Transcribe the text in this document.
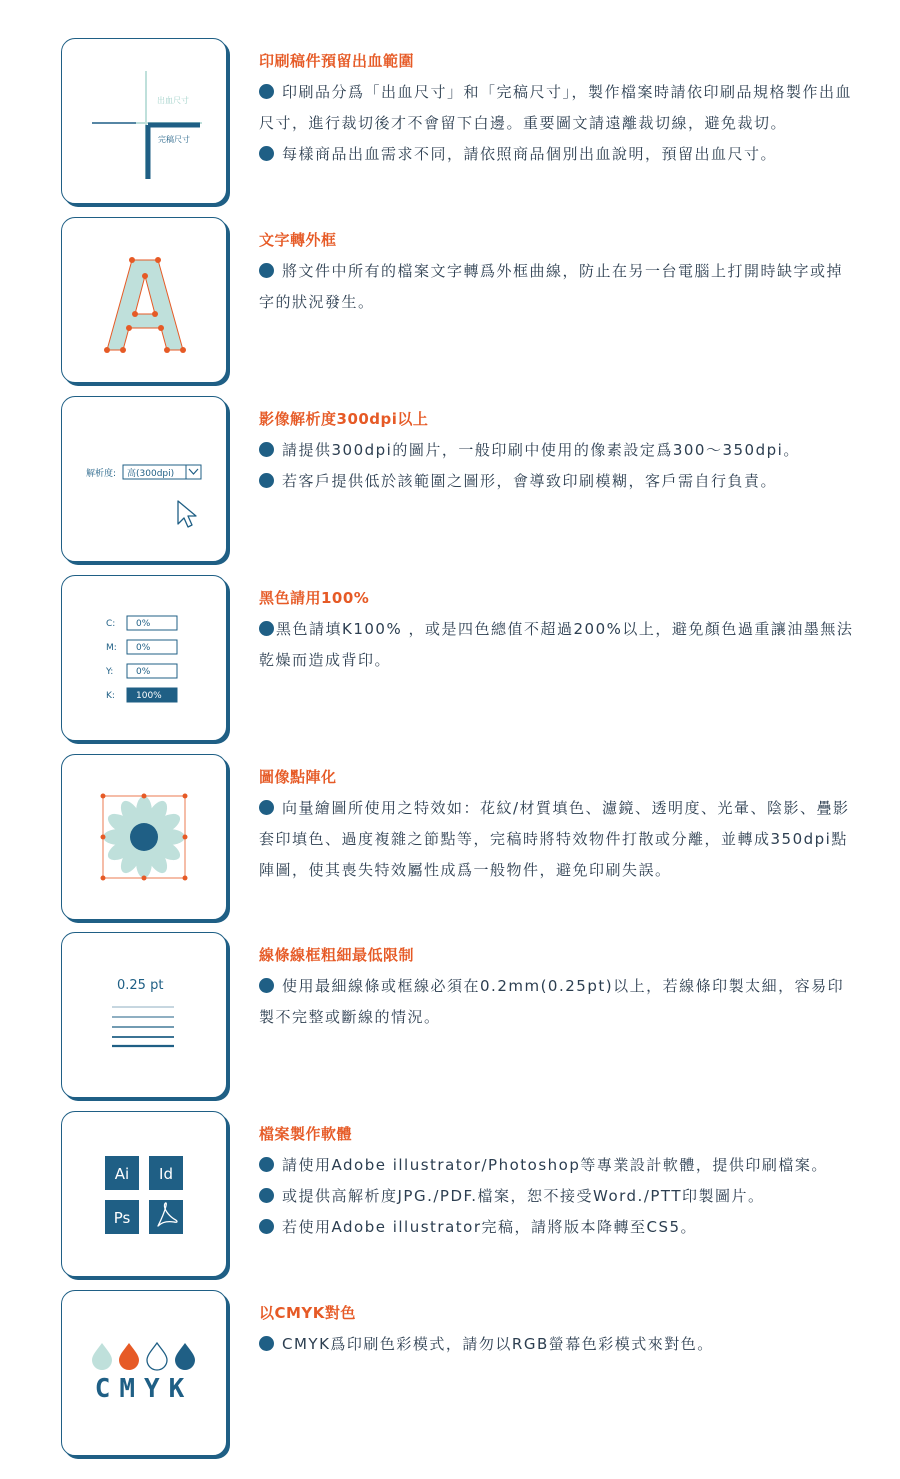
出血尺寸
完稿尺寸
印刷稿件預留出血範圍
印刷品分爲「出血尺寸」和「完稿尺寸」，製作檔案時請依印刷品規格製作出血尺寸，進行裁切後才不會留下白邊。重要圖文請遠離裁切線，避免裁切。
每樣商品出血需求不同，請依照商品個別出血說明，預留出血尺寸。
文字轉外框
將文件中所有的檔案文字轉爲外框曲線，防止在另一台電腦上打開時缺字或掉字的狀況發生。
解析度: 高(300dpi)
影像解析度300dpi以上
請提供300dpi的圖片，一般印刷中使用的像素設定爲300～350dpi。
若客戶提供低於該範圍之圖形，會導致印刷模糊，客戶需自行負責。
C: 0%
M: 0%
Y:	0%
K: 100%
黑色請用100%
黑色請填K100% ，或是四色總值不超過200%以上，避免顏色過重讓油墨無法乾燥而造成背印。
圖像點陣化
向量繪圖所使用之特效如：花紋/材質填色、濾鏡、透明度、光暈、陰影、疊影套印填色、過度複雜之節點等，完稿時將特效物件打散或分離，並轉成350dpi點陣圖，使其喪失特效屬性成爲一般物件，避免印刷失誤。
0.25 pt
線條線框粗細最低限制
使用最細線條或框線必須在0.2mm(0.25pt)以上，若線條印製太細，容易印製不完整或斷線的情況。
Ai Id
Ps
檔案製作軟體
請使用Adobe illustrator/Photoshop等專業設計軟體，提供印刷檔案。
或提供高解析度JPG./PDF.檔案，恕不接受Word./PTT印製圖片。
若使用Adobe illustrator完稿，請將版本降轉至CS5。
CMYK
以CMYK對色
CMYK爲印刷色彩模式，請勿以RGB螢幕色彩模式來對色。
